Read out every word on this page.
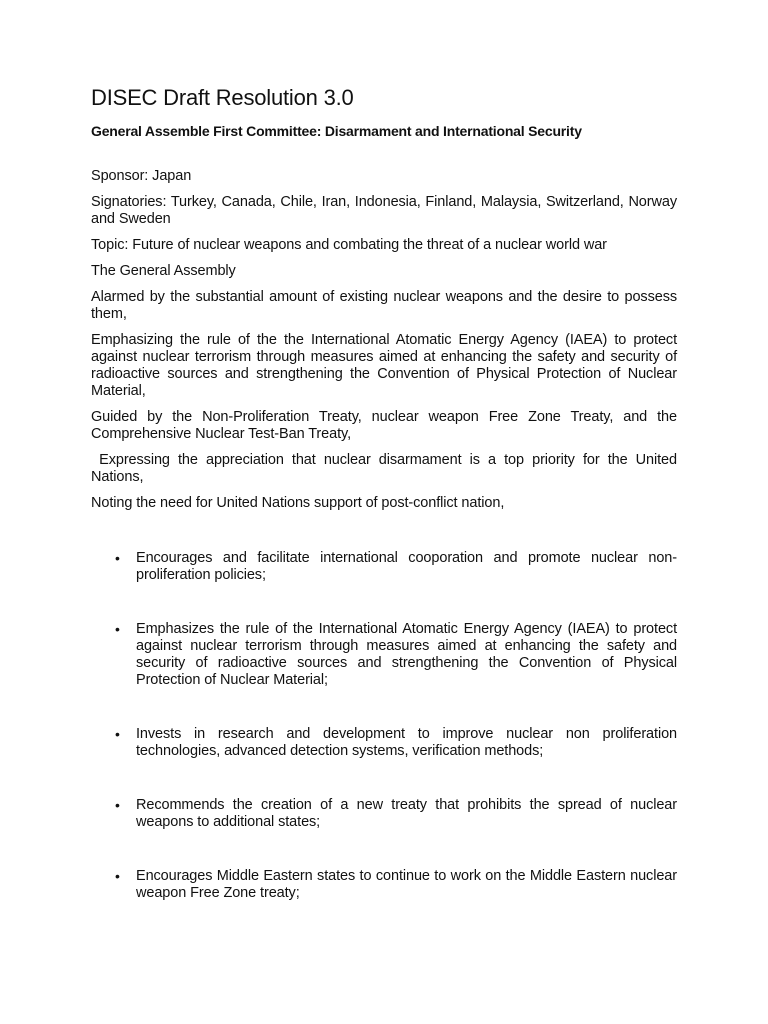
DISEC Draft Resolution 3.0
General Assemble First Committee: Disarmament and International Security

Sponsor: Japan

Signatories: Turkey, Canada, Chile, Iran, Indonesia, Finland, Malaysia, Switzerland, Norway and Sweden

Topic: Future of nuclear weapons and combating the threat of a nuclear world war

The General Assembly

Alarmed by the substantial amount of existing nuclear weapons and the desire to possess them,

Emphasizing the rule of the the International Atomatic Energy Agency (IAEA) to protect against nuclear terrorism through measures aimed at enhancing the safety and security of radioactive sources and strengthening the Convention of Physical Protection of Nuclear Material,

Guided by the Non-Proliferation Treaty, nuclear weapon Free Zone Treaty, and the Comprehensive Nuclear Test-Ban Treaty,

Expressing the appreciation that nuclear disarmament is a top priority for the United Nations,

Noting the need for United Nations support of post-conflict nation,

• Encourages and facilitate international cooporation and promote nuclear non-proliferation policies;
• Emphasizes the rule of the International Atomatic Energy Agency (IAEA) to protect against nuclear terrorism through measures aimed at enhancing the safety and security of radioactive sources and strengthening the Convention of Physical Protection of Nuclear Material;
• Invests in research and development to improve nuclear non proliferation technologies, advanced detection systems, verification methods;
• Recommends the creation of a new treaty that prohibits the spread of nuclear weapons to additional states;
• Encourages Middle Eastern states to continue to work on the Middle Eastern nuclear weapon Free Zone treaty;
